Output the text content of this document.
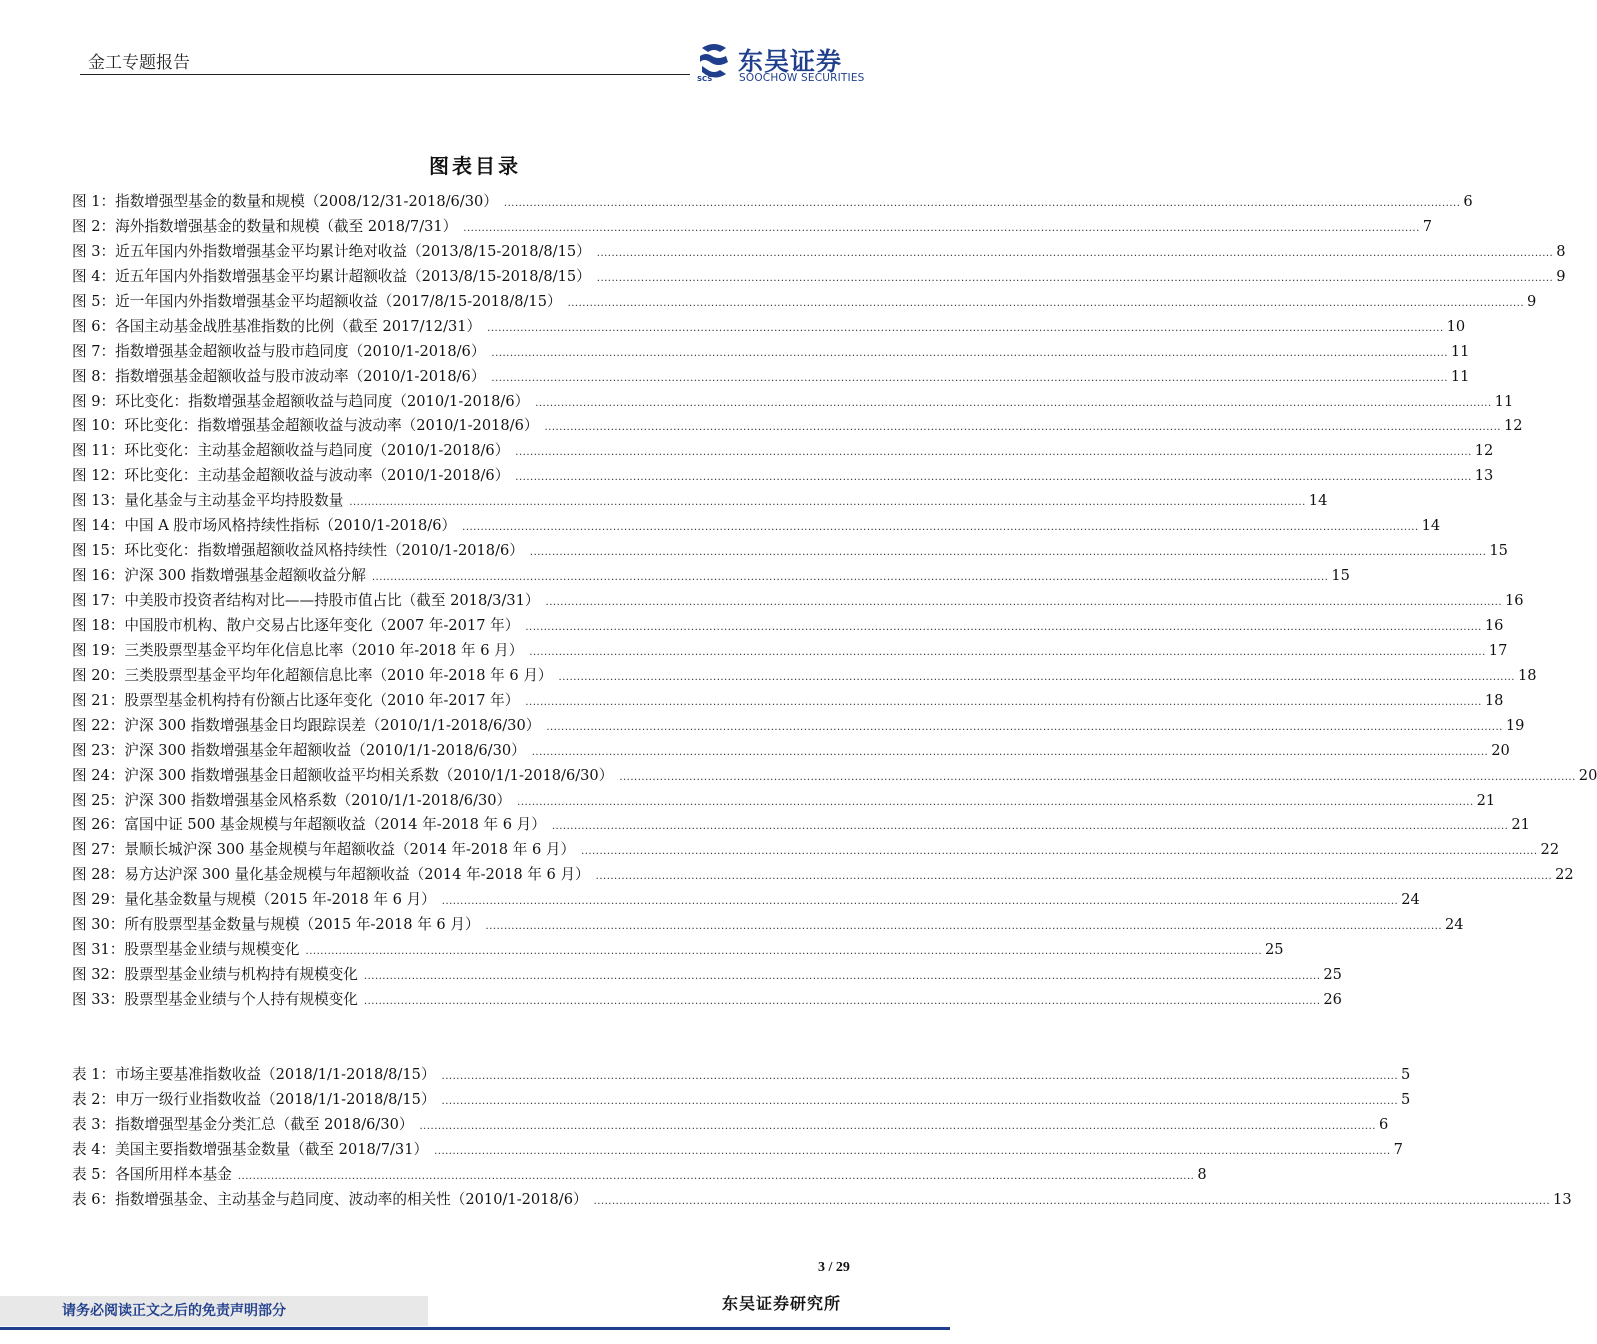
金工专题报告
SCS
东吴证券
SOOCHOW SECURITIES
图表目录
图 1：指数增强型基金的数量和规模（2008/12/31-2018/6/30） .................................................................................................................................................................................................................................................................... 6
图 2：海外指数增强基金的数量和规模（截至 2018/7/31） .................................................................................................................................................................................................................................................................... 7
图 3：近五年国内外指数增强基金平均累计绝对收益（2013/8/15-2018/8/15） .................................................................................................................................................................................................................................................................... 8
图 4：近五年国内外指数增强基金平均累计超额收益（2013/8/15-2018/8/15） .................................................................................................................................................................................................................................................................... 9
图 5：近一年国内外指数增强基金平均超额收益（2017/8/15-2018/8/15） .................................................................................................................................................................................................................................................................... 9
图 6：各国主动基金战胜基准指数的比例（截至 2017/12/31） .................................................................................................................................................................................................................................................................... 10
图 7：指数增强基金超额收益与股市趋同度（2010/1-2018/6） .................................................................................................................................................................................................................................................................... 11
图 8：指数增强基金超额收益与股市波动率（2010/1-2018/6） .................................................................................................................................................................................................................................................................... 11
图 9：环比变化：指数增强基金超额收益与趋同度（2010/1-2018/6） .................................................................................................................................................................................................................................................................... 11
图 10：环比变化：指数增强基金超额收益与波动率（2010/1-2018/6） .................................................................................................................................................................................................................................................................... 12
图 11：环比变化：主动基金超额收益与趋同度（2010/1-2018/6） .................................................................................................................................................................................................................................................................... 12
图 12：环比变化：主动基金超额收益与波动率（2010/1-2018/6） .................................................................................................................................................................................................................................................................... 13
图 13：量化基金与主动基金平均持股数量 .................................................................................................................................................................................................................................................................... 14
图 14：中国 A 股市场风格持续性指标（2010/1-2018/6） .................................................................................................................................................................................................................................................................... 14
图 15：环比变化：指数增强超额收益风格持续性（2010/1-2018/6） .................................................................................................................................................................................................................................................................... 15
图 16：沪深 300 指数增强基金超额收益分解 .................................................................................................................................................................................................................................................................... 15
图 17：中美股市投资者结构对比——持股市值占比（截至 2018/3/31） .................................................................................................................................................................................................................................................................... 16
图 18：中国股市机构、散户交易占比逐年变化（2007 年-2017 年） .................................................................................................................................................................................................................................................................... 16
图 19：三类股票型基金平均年化信息比率（2010 年-2018 年 6 月） .................................................................................................................................................................................................................................................................... 17
图 20：三类股票型基金平均年化超额信息比率（2010 年-2018 年 6 月） .................................................................................................................................................................................................................................................................... 18
图 21：股票型基金机构持有份额占比逐年变化（2010 年-2017 年） .................................................................................................................................................................................................................................................................... 18
图 22：沪深 300 指数增强基金日均跟踪误差（2010/1/1-2018/6/30） .................................................................................................................................................................................................................................................................... 19
图 23：沪深 300 指数增强基金年超额收益（2010/1/1-2018/6/30） .................................................................................................................................................................................................................................................................... 20
图 24：沪深 300 指数增强基金日超额收益平均相关系数（2010/1/1-2018/6/30） .................................................................................................................................................................................................................................................................... 20
图 25：沪深 300 指数增强基金风格系数（2010/1/1-2018/6/30） .................................................................................................................................................................................................................................................................... 21
图 26：富国中证 500 基金规模与年超额收益（2014 年-2018 年 6 月） .................................................................................................................................................................................................................................................................... 21
图 27：景顺长城沪深 300 基金规模与年超额收益（2014 年-2018 年 6 月） .................................................................................................................................................................................................................................................................... 22
图 28：易方达沪深 300 量化基金规模与年超额收益（2014 年-2018 年 6 月） .................................................................................................................................................................................................................................................................... 22
图 29：量化基金数量与规模（2015 年-2018 年 6 月） .................................................................................................................................................................................................................................................................... 24
图 30：所有股票型基金数量与规模（2015 年-2018 年 6 月） .................................................................................................................................................................................................................................................................... 24
图 31：股票型基金业绩与规模变化 .................................................................................................................................................................................................................................................................... 25
图 32：股票型基金业绩与机构持有规模变化 .................................................................................................................................................................................................................................................................... 25
图 33：股票型基金业绩与个人持有规模变化 .................................................................................................................................................................................................................................................................... 26
表 1：市场主要基准指数收益（2018/1/1-2018/8/15） .................................................................................................................................................................................................................................................................... 5
表 2：申万一级行业指数收益（2018/1/1-2018/8/15） .................................................................................................................................................................................................................................................................... 5
表 3：指数增强型基金分类汇总（截至 2018/6/30） .................................................................................................................................................................................................................................................................... 6
表 4：美国主要指数增强基金数量（截至 2018/7/31） .................................................................................................................................................................................................................................................................... 7
表 5：各国所用样本基金 .................................................................................................................................................................................................................................................................... 8
表 6：指数增强基金、主动基金与趋同度、波动率的相关性（2010/1-2018/6） .................................................................................................................................................................................................................................................................... 13
3 / 29
请务必阅读正文之后的免责声明部分	东吴证券研究所
